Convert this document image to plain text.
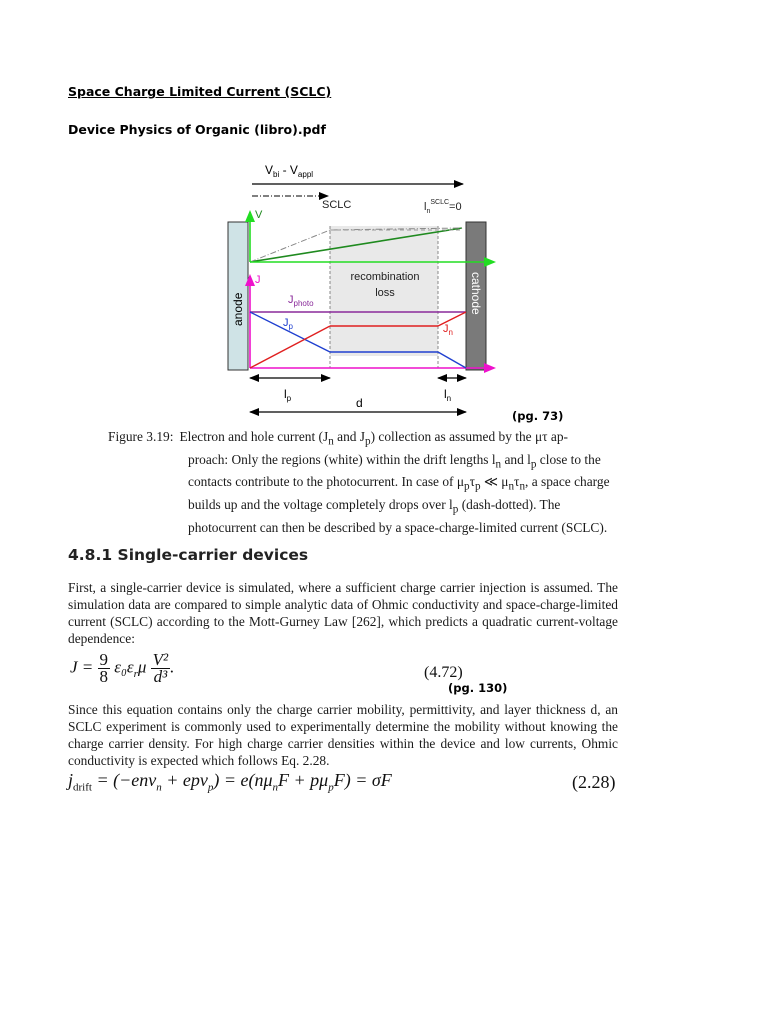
Space Charge Limited Current (SCLC)
Device Physics of Organic (libro).pdf
$V_{bi} - V_{appl}$
SCLC	$l_n^{SCLC}=0$
V
J
anode	cathode
recombination
loss
$J_{photo}$
$J_p$	$J_n$
$l_p$	d
$l_n$
(pg. 73)
Figure 3.19: Electron and hole current ($J_n$ and $J_p$) collection as assumed by the μτ ap-
proach: Only the regions (white) within the drift lengths $l_n$ and $l_p$ close to the contacts contribute to the photocurrent. In case of $\mu_p\tau_p$ ≪ $\mu_n\tau_n$, a space charge builds up and the voltage completely drops over $l_p$ (dash-dotted). The photocurrent can then be described by a space-charge-limited current (SCLC).
4.8.1 Single-carrier devices
First, a single-carrier device is simulated, where a sufficient charge carrier injection is assumed. The simulation data are compared to simple analytic data of Ohmic conductivity and space-charge-limited current (SCLC) according to the Mott-Gurney Law [262], which predicts a quadratic current-voltage dependence:
$J = \frac{9}{8} \varepsilon_0\varepsilon_r\mu \frac{\text{V²}}{\text{d³}}$ .	(4.72)
(pg. 130)
Since this equation contains only the charge carrier mobility, permittivity, and layer thickness d, an SCLC experiment is commonly used to experimentally determine the mobility without knowing the charge carrier density. For high charge carrier densities within the device and low currents, Ohmic conductivity is expected which follows Eq. 2.28.
$j_{drift} = (-env_n + epv_p) = e(n\mu_nF + p\mu_pF) = \sigma F$	(2.28)
